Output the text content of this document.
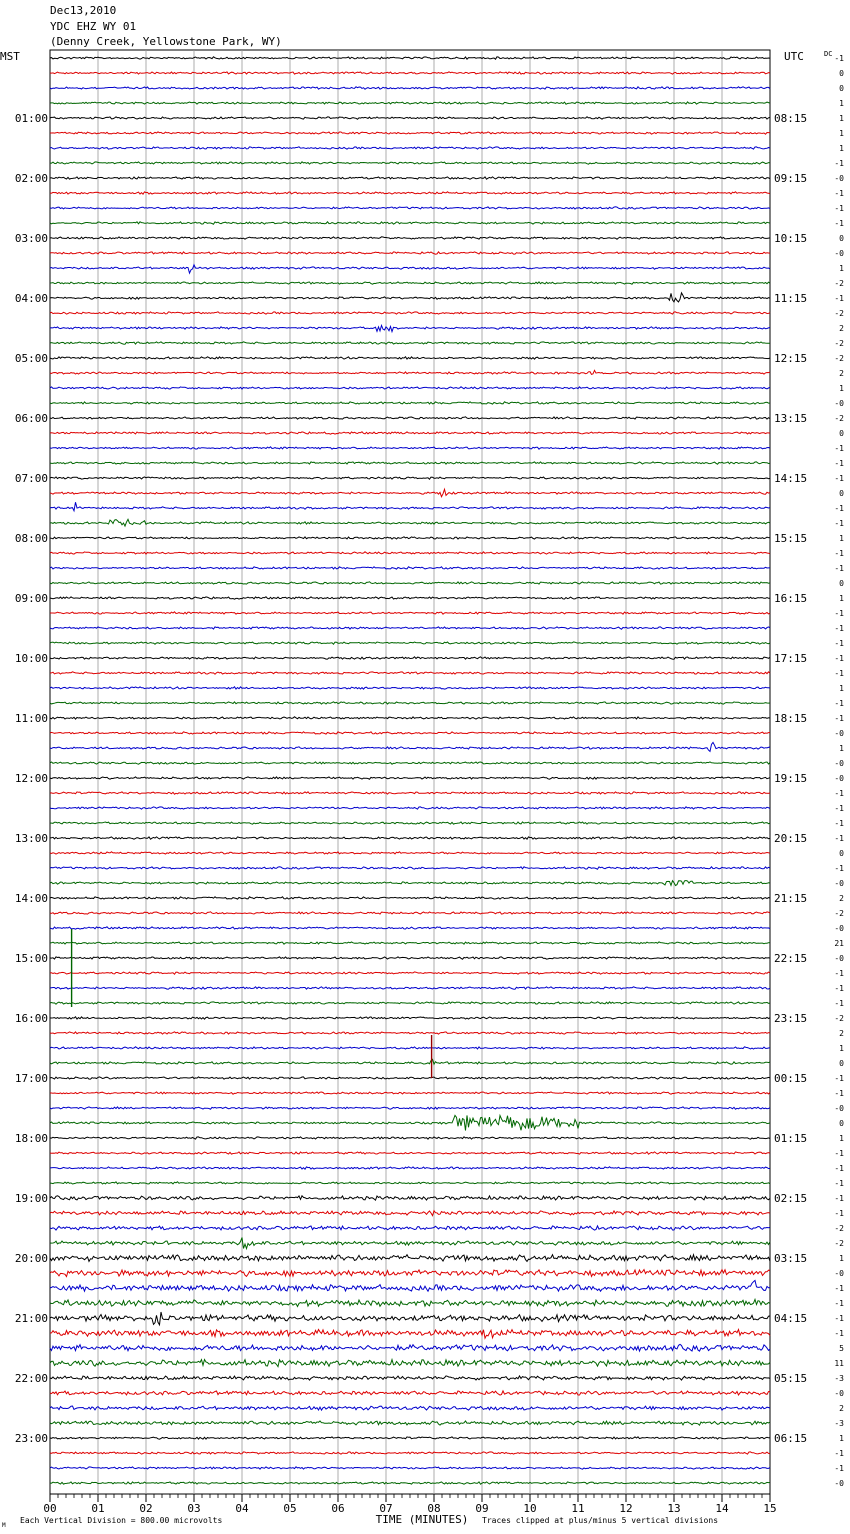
Dec13,2010
YDC EHZ WY 01
(Denny Creek, Yellowstone Park, WY)
-1
0
0
1
1
1
1
-1
-0
-1
-1
-1
0
-0
1
-2
-1
-2
2
-2
-2
2
1
-0
-2
0
-1
-1
-1
0
-1
-1
1
-1
-1
0
1
-1
-1
-1
-1
-1
1
-1
-1
-0
1
-0
-0
-1
-1
-1
-1
0
-1
-0
2
-2
-0
21
-0
-1
-1
-1
-2
2
1
0
-1
-1
-0
0
1
-1
-1
-1
-1
-1
-2
-2
1
-0
-1
-1
-1
-1
5
11
-3
-0
2
-3
1
-1
-1
-0
MST	UTC	DC
01:00
02:00
03:00
04:00
05:00
06:00
07:00
08:00
09:00
10:00
11:00
12:00
13:00
14:00
15:00
16:00
17:00
18:00
19:00
20:00
21:00
22:00
23:00
08:15
09:15
10:15
11:15
12:15
13:15
14:15
15:15
16:15
17:15
18:15
19:15
20:15
21:15
22:15
23:15
00:15
01:15
02:15
03:15
04:15
05:15
06:15
00	01	02	03	04	05	06	07	08	09	10	11	12	13	14	15
TIME (MINUTES)
Each Vertical Division = 800.00 microvolts	Traces clipped at plus/minus 5 vertical divisions
M
